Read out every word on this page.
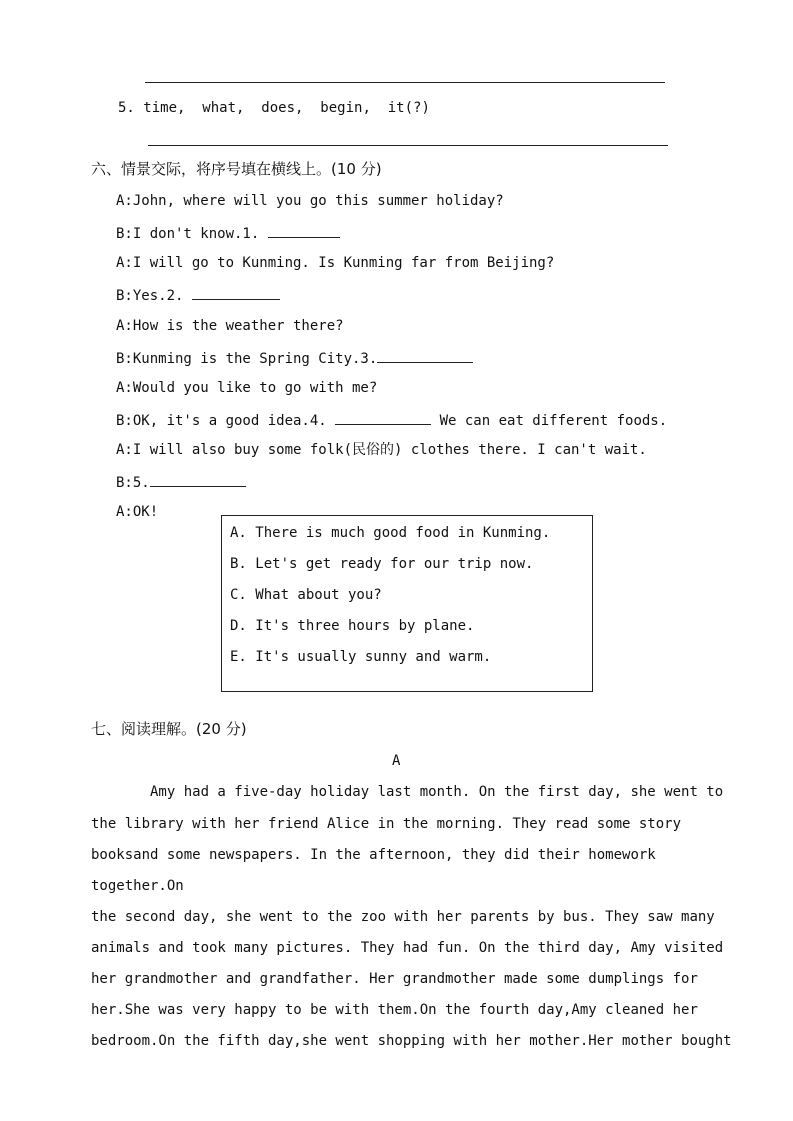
5. time,  what,  does,  begin,  it(?)
六、情景交际，将序号填在横线上。(10 分)
A:John, where will you go this summer holiday?
B:I don't know.1.
A:I will go to Kunming. Is Kunming far from Beijing?
B:Yes.2.
A:How is the weather there?
B:Kunming is the Spring City.3.
A:Would you like to go with me?
B:OK, it's a good idea.4.	We can eat different foods.
A:I will also buy some folk(民俗的) clothes there. I can't wait.
B:5.
A:OK!
A. There is much good food in Kunming.
B. Let's get ready for our trip now.
C. What about you?
D. It's three hours by plane.
E. It's usually sunny and warm.
七、阅读理解。(20 分)
A
Amy had a five-day holiday last month. On the first day, she went to
the library with her friend Alice in the morning. They read some story
booksand some newspapers. In the afternoon, they did their homework
together.On
the second day, she went to the zoo with her parents by bus. They saw many
animals and took many pictures. They had fun. On the third day, Amy visited
her grandmother and grandfather. Her grandmother made some dumplings for
her.She was very happy to be with them.On the fourth day,Amy cleaned her
bedroom.On the fifth day,she went shopping with her mother.Her mother bought
